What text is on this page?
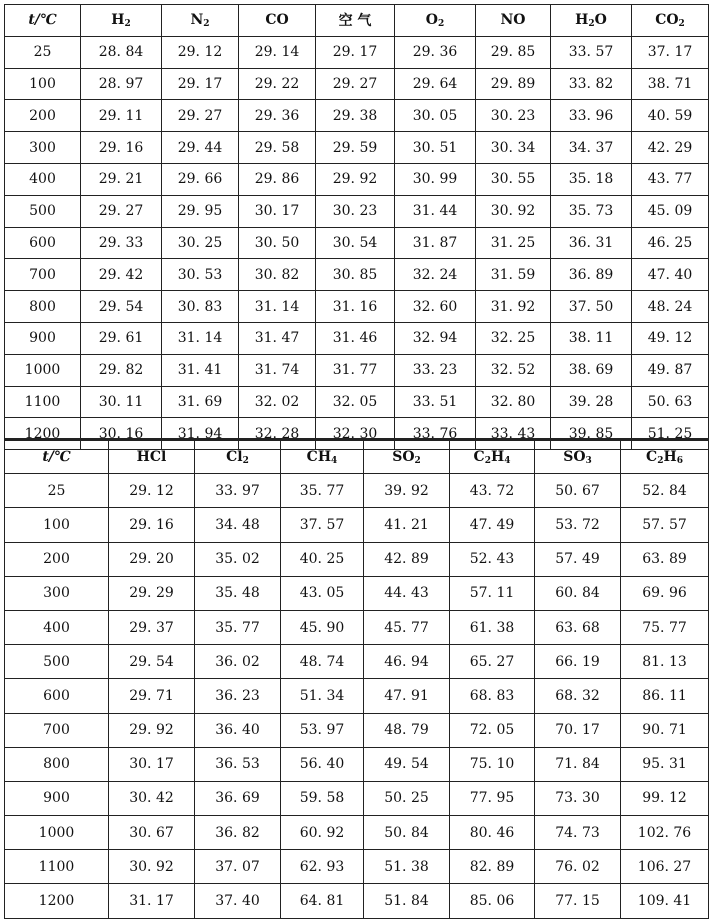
t/℃	$H_2$	$N_2$	CO	空 气	$O_2$	NO	$H_2O$	$CO_2$
25	28. 84	29. 12	29. 14	29. 17	29. 36	29. 85	33. 57	37. 17
100	28. 97	29. 17	29. 22	29. 27	29. 64	29. 89	33. 82	38. 71
200	29. 11	29. 27	29. 36	29. 38	30. 05	30. 23	33. 96	40. 59
300	29. 16	29. 44	29. 58	29. 59	30. 51	30. 34	34. 37	42. 29
400	29. 21	29. 66	29. 86	29. 92	30. 99	30. 55	35. 18	43. 77
500	29. 27	29. 95	30. 17	30. 23	31. 44	30. 92	35. 73	45. 09
600	29. 33	30. 25	30. 50	30. 54	31. 87	31. 25	36. 31	46. 25
700	29. 42	30. 53	30. 82	30. 85	32. 24	31. 59	36. 89	47. 40
800	29. 54	30. 83	31. 14	31. 16	32. 60	31. 92	37. 50	48. 24
900	29. 61	31. 14	31. 47	31. 46	32. 94	32. 25	38. 11	49. 12
1000	29. 82	31. 41	31. 74	31. 77	33. 23	32. 52	38. 69	49. 87
1100	30. 11	31. 69	32. 02	32. 05	33. 51	32. 80	39. 28	50. 63
1200	30. 16	31. 94	32. 28	32. 30	33. 76	33. 43	39. 85	51. 25
t/℃	HCl	$Cl_2$	$CH_4$	$SO_2$	$C_2H_4$	$SO_3$	$C_2H_6$
25	29. 12	33. 97	35. 77	39. 92	43. 72	50. 67	52. 84
100	29. 16	34. 48	37. 57	41. 21	47. 49	53. 72	57. 57
200	29. 20	35. 02	40. 25	42. 89	52. 43	57. 49	63. 89
300	29. 29	35. 48	43. 05	44. 43	57. 11	60. 84	69. 96
400	29. 37	35. 77	45. 90	45. 77	61. 38	63. 68	75. 77
500	29. 54	36. 02	48. 74	46. 94	65. 27	66. 19	81. 13
600	29. 71	36. 23	51. 34	47. 91	68. 83	68. 32	86. 11
700	29. 92	36. 40	53. 97	48. 79	72. 05	70. 17	90. 71
800	30. 17	36. 53	56. 40	49. 54	75. 10	71. 84	95. 31
900	30. 42	36. 69	59. 58	50. 25	77. 95	73. 30	99. 12
1000	30. 67	36. 82	60. 92	50. 84	80. 46	74. 73	102. 76
1100	30. 92	37. 07	62. 93	51. 38	82. 89	76. 02	106. 27
1200	31. 17	37. 40	64. 81	51. 84	85. 06	77. 15	109. 41
